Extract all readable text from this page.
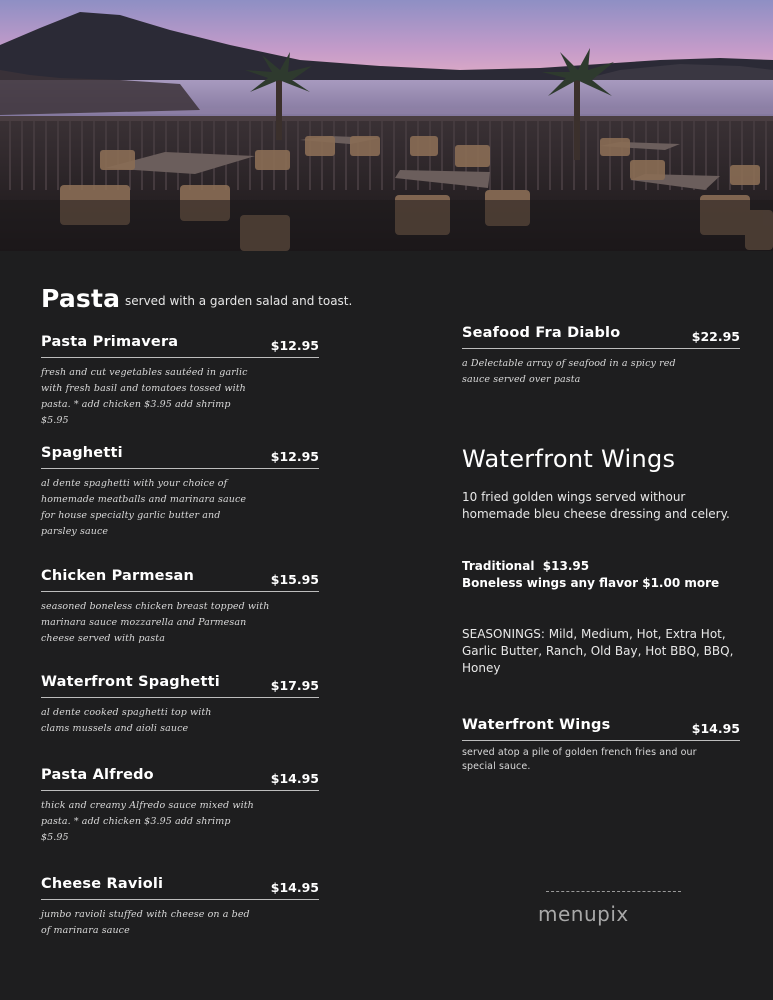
Pasta served with a garden salad and toast.
Pasta Primavera	$12.95
fresh and cut vegetables sautéed in garlic with fresh basil and tomatoes tossed with pasta. * add chicken $3.95 add shrimp $5.95
Spaghetti	$12.95
al dente spaghetti with your choice of homemade meatballs and marinara sauce for house specialty garlic butter and parsley sauce
Chicken Parmesan	$15.95
seasoned boneless chicken breast topped with marinara sauce mozzarella and Parmesan cheese served with pasta
Waterfront Spaghetti	$17.95
al dente cooked spaghetti top with clams mussels and aioli sauce
Pasta Alfredo	$14.95
thick and creamy Alfredo sauce mixed with pasta. * add chicken $3.95 add shrimp $5.95
Cheese Ravioli	$14.95
jumbo ravioli stuffed with cheese on a bed of marinara sauce
Seafood Fra Diablo	$22.95
a Delectable array of seafood in a spicy red sauce served over pasta
Waterfront Wings
10 fried golden wings served withour homemade bleu cheese dressing and celery.
Traditional  $13.95
Boneless wings any flavor $1.00 more
SEASONINGS: Mild, Medium, Hot, Extra Hot, Garlic Butter, Ranch, Old Bay, Hot BBQ, BBQ, Honey
Waterfront Wings	$14.95
served atop a pile of golden french fries and our special sauce.
menupix
